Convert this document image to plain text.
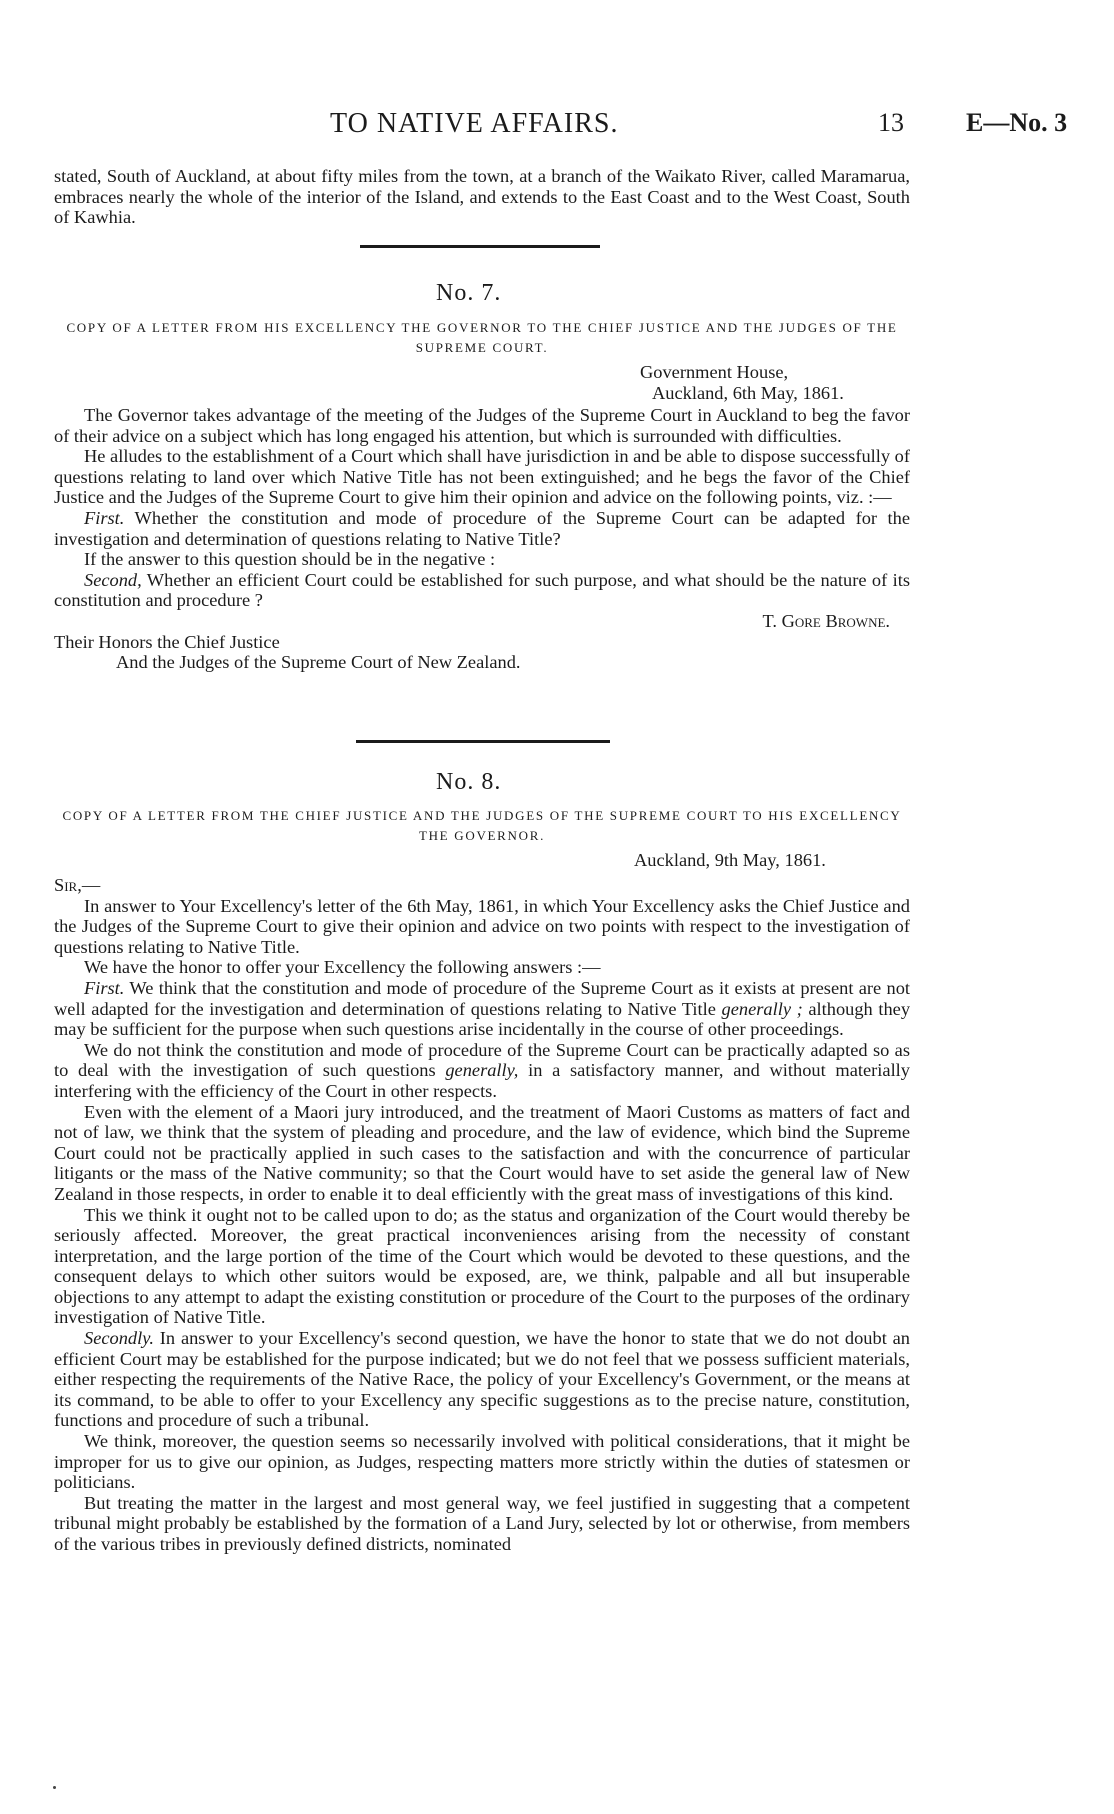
TO NATIVE AFFAIRS.	13 E—No. 3

stated, South of Auckland, at about fifty miles from the town, at a branch of the Waikato River, called Maramarua, embraces nearly the whole of the interior of the Island, and extends to the East Coast and to the West Coast, South of Kawhia.

No. 7.

COPY OF A LETTER FROM HIS EXCELLENCY THE GOVERNOR TO THE CHIEF JUSTICE AND THE JUDGES OF THE SUPREME COURT.

Government House,
Auckland, 6th May, 1861.

The Governor takes advantage of the meeting of the Judges of the Supreme Court in Auckland to beg the favor of their advice on a subject which has long engaged his attention, but which is surrounded with difficulties.

He alludes to the establishment of a Court which shall have jurisdiction in and be able to dispose successfully of questions relating to land over which Native Title has not been extinguished; and he begs the favor of the Chief Justice and the Judges of the Supreme Court to give him their opinion and advice on the following points, viz. :—

First. Whether the constitution and mode of procedure of the Supreme Court can be adapted for the investigation and determination of questions relating to Native Title?

If the answer to this question should be in the negative :

Second, Whether an efficient Court could be established for such purpose, and what should be the nature of its constitution and procedure ?

T. Gore Browne.

Their Honors the Chief Justice

And the Judges of the Supreme Court of New Zealand.

No. 8.

COPY OF A LETTER FROM THE CHIEF JUSTICE AND THE JUDGES OF THE SUPREME COURT TO HIS EXCELLENCY THE GOVERNOR.

Auckland, 9th May, 1861.

Sir,—

In answer to Your Excellency's letter of the 6th May, 1861, in which Your Excellency asks the Chief Justice and the Judges of the Supreme Court to give their opinion and advice on two points with respect to the investigation of questions relating to Native Title.

We have the honor to offer your Excellency the following answers :—

First. We think that the constitution and mode of procedure of the Supreme Court as it exists at present are not well adapted for the investigation and determination of questions relating to Native Title generally ; although they may be sufficient for the purpose when such questions arise incidentally in the course of other proceedings.

We do not think the constitution and mode of procedure of the Supreme Court can be practically adapted so as to deal with the investigation of such questions generally, in a satisfactory manner, and without materially interfering with the efficiency of the Court in other respects.

Even with the element of a Maori jury introduced, and the treatment of Maori Customs as matters of fact and not of law, we think that the system of pleading and procedure, and the law of evidence, which bind the Supreme Court could not be practically applied in such cases to the satisfaction and with the concurrence of particular litigants or the mass of the Native community; so that the Court would have to set aside the general law of New Zealand in those respects, in order to enable it to deal efficiently with the great mass of investigations of this kind.

This we think it ought not to be called upon to do; as the status and organization of the Court would thereby be seriously affected. Moreover, the great practical inconveniences arising from the necessity of constant interpretation, and the large portion of the time of the Court which would be devoted to these questions, and the consequent delays to which other suitors would be exposed, are, we think, palpable and all but insuperable objections to any attempt to adapt the existing constitution or procedure of the Court to the purposes of the ordinary investigation of Native Title.

Secondly. In answer to your Excellency's second question, we have the honor to state that we do not doubt an efficient Court may be established for the purpose indicated; but we do not feel that we possess sufficient materials, either respecting the requirements of the Native Race, the policy of your Excellency's Government, or the means at its command, to be able to offer to your Excellency any specific suggestions as to the precise nature, constitution, functions and procedure of such a tribunal.

We think, moreover, the question seems so necessarily involved with political considerations, that it might be improper for us to give our opinion, as Judges, respecting matters more strictly within the duties of statesmen or politicians.

But treating the matter in the largest and most general way, we feel justified in suggesting that a competent tribunal might probably be established by the formation of a Land Jury, selected by lot or otherwise, from members of the various tribes in previously defined districts, nominated
